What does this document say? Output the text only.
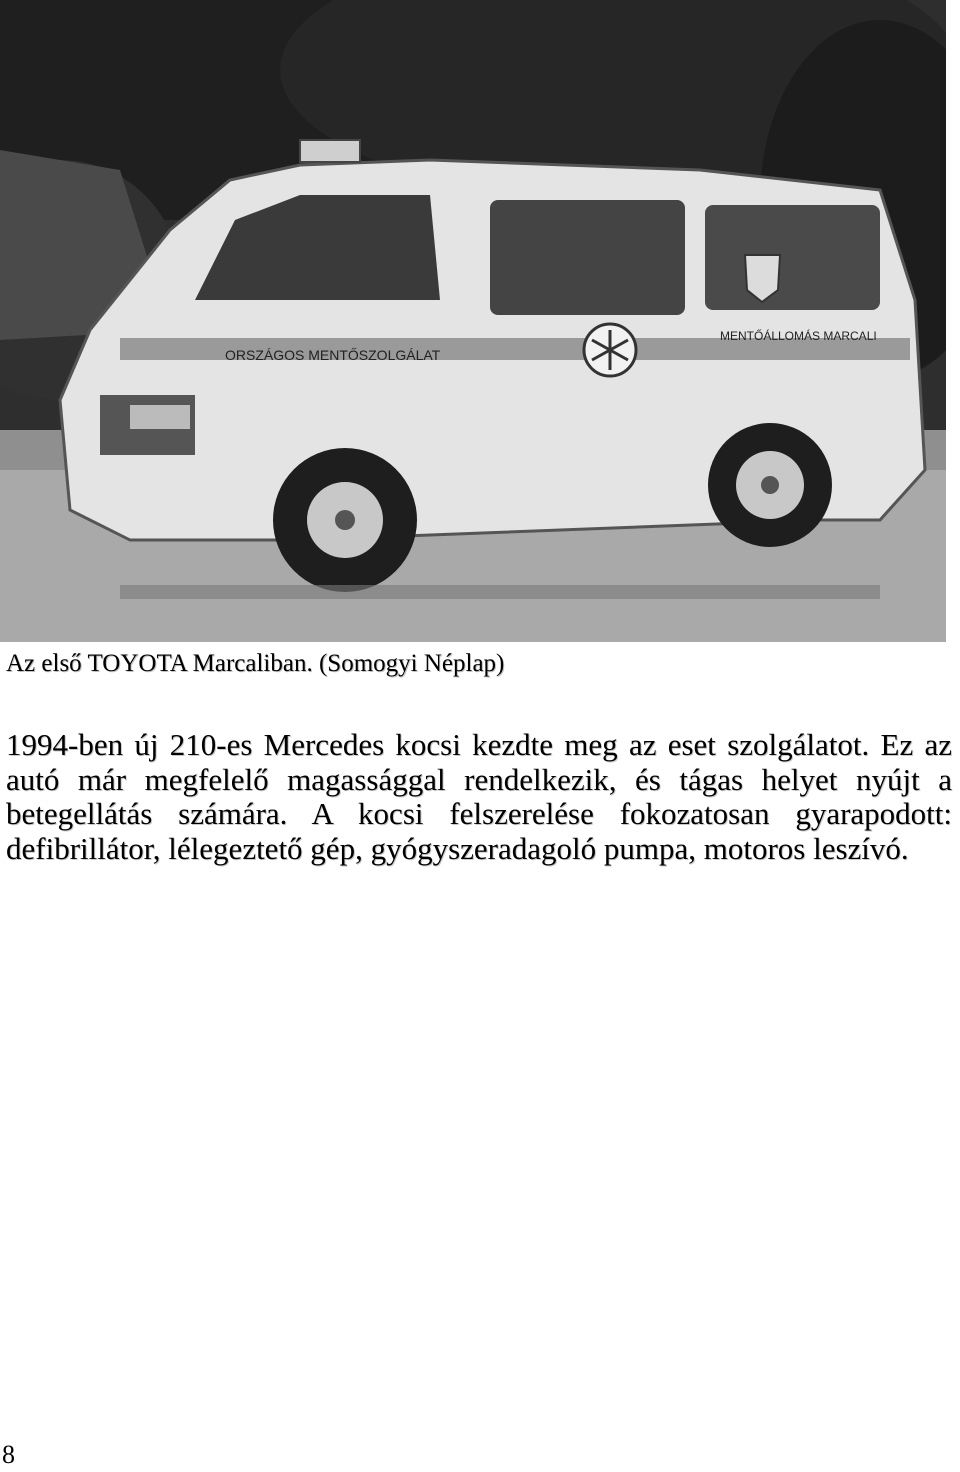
ORSZÁGOS MENTŐSZOLGÁLAT
MENTŐÁLLOMÁS MARCALI
Az első TOYOTA Marcaliban. (Somogyi Néplap)
1994-ben új 210-es Mercedes kocsi kezdte meg az eset szolgálatot. Ez az autó már megfelelő magassággal rendelkezik, és tágas helyet nyújt a betegellátás számára. A kocsi felszerelése fokozatosan gyarapodott: defibrillátor, lélegeztető gép, gyógyszeradagoló pumpa, motoros leszívó.
8
